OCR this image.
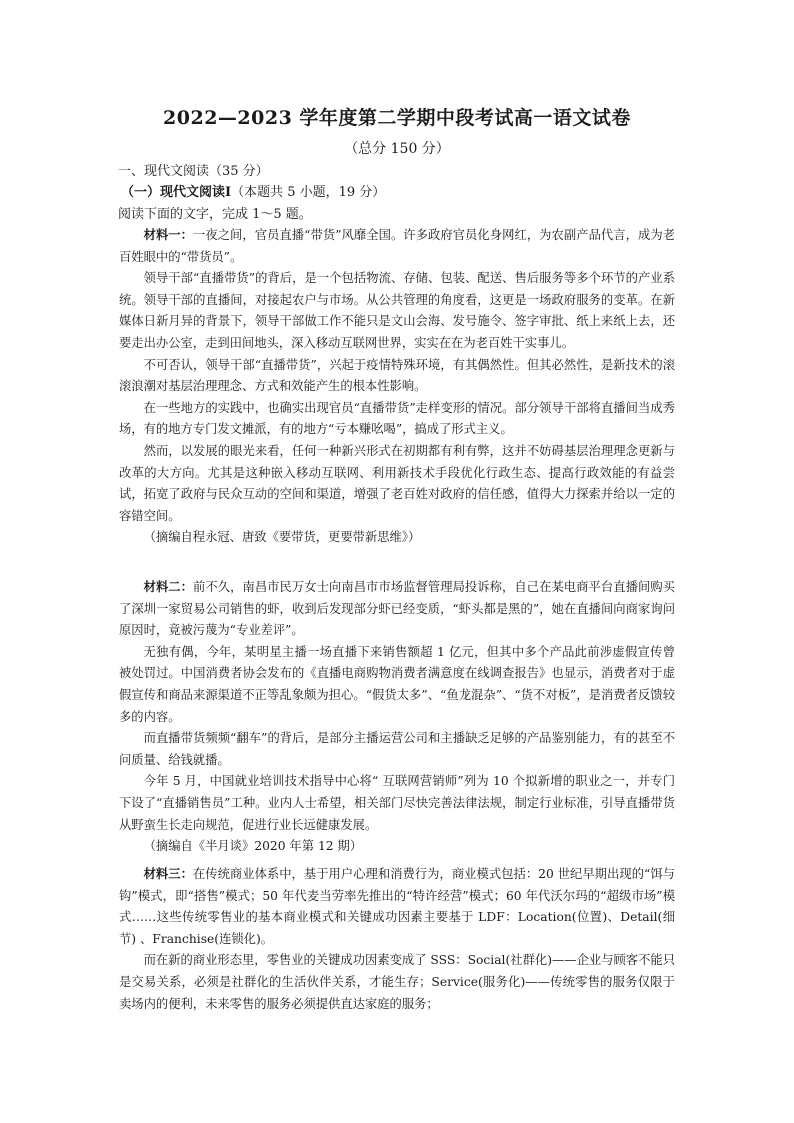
2022—2023 学年度第二学期中段考试高一语文试卷
（总分 150 分）
一、现代文阅读（35 分）
（一）现代文阅读Ⅰ（本题共 5 小题，19 分）
阅读下面的文字，完成 1～5 题。

材料一：一夜之间，官员直播“带货”风靡全国。许多政府官员化身网红，为农副产品代言，成为老百姓眼中的“带货员”。

领导干部“直播带货”的背后，是一个包括物流、存储、包装、配送、售后服务等多个环节的产业系统。领导干部的直播间，对接起农户与市场。从公共管理的角度看，这更是一场政府服务的变革。在新媒体日新月异的背景下，领导干部做工作不能只是文山会海、发号施令、签字审批、纸上来纸上去，还要走出办公室，走到田间地头，深入移动互联网世界，实实在在为老百姓干实事儿。

不可否认，领导干部“直播带货”，兴起于疫情特殊环境，有其偶然性。但其必然性，是新技术的滚滚浪潮对基层治理理念、方式和效能产生的根本性影响。

在一些地方的实践中，也确实出现官员“直播带货”走样变形的情况。部分领导干部将直播间当成秀场，有的地方专门发文摊派，有的地方“亏本赚吆喝”，搞成了形式主义。

然而，以发展的眼光来看，任何一种新兴形式在初期都有利有弊，这并不妨碍基层治理理念更新与改革的大方向。尤其是这种嵌入移动互联网、利用新技术手段优化行政生态、提高行政效能的有益尝试，拓宽了政府与民众互动的空间和渠道，增强了老百姓对政府的信任感，值得大力探索并给以一定的容错空间。

（摘编自程永冠、唐致《要带货，更要带新思维》）

材料二：前不久，南昌市民万女士向南昌市市场监督管理局投诉称，自己在某电商平台直播间购买了深圳一家贸易公司销售的虾，收到后发现部分虾已经变质，“虾头都是黑的”，她在直播间向商家询问原因时，竟被污蔑为“专业差评”。

无独有偶，今年，某明星主播一场直播下来销售额超 1 亿元，但其中多个产品此前涉虚假宣传曾被处罚过。中国消费者协会发布的《直播电商购物消费者满意度在线调查报告》也显示，消费者对于虚假宣传和商品来源渠道不正等乱象颇为担心。“假货太多”、“鱼龙混杂”、“货不对板”，是消费者反馈较多的内容。

而直播带货频频“翻车”的背后，是部分主播运营公司和主播缺乏足够的产品鉴别能力，有的甚至不问质量、给钱就播。

今年 5 月，中国就业培训技术指导中心将“ 互联网营销师”列为 10 个拟新增的职业之一，并专门下设了“直播销售员”工种。业内人士希望，相关部门尽快完善法律法规，制定行业标准，引导直播带货从野蛮生长走向规范，促进行业长远健康发展。

（摘编自《半月谈》2020 年第 12 期）

材料三：在传统商业体系中，基于用户心理和消费行为，商业模式包括：20 世纪早期出现的“饵与钩”模式，即“搭售”模式；50 年代麦当劳率先推出的“特许经营”模式；60 年代沃尔玛的“超级市场”模式……这些传统零售业的基本商业模式和关键成功因素主要基于 LDF：Location(位置)、Detail(细节) 、Franchise(连锁化)。

而在新的商业形态里，零售业的关键成功因素变成了 SSS：Social(社群化)——企业与顾客不能只是交易关系，必须是社群化的生活伙伴关系，才能生存；Service(服务化)——传统零售的服务仅限于卖场内的便利，未来零售的服务必须提供直达家庭的服务；
